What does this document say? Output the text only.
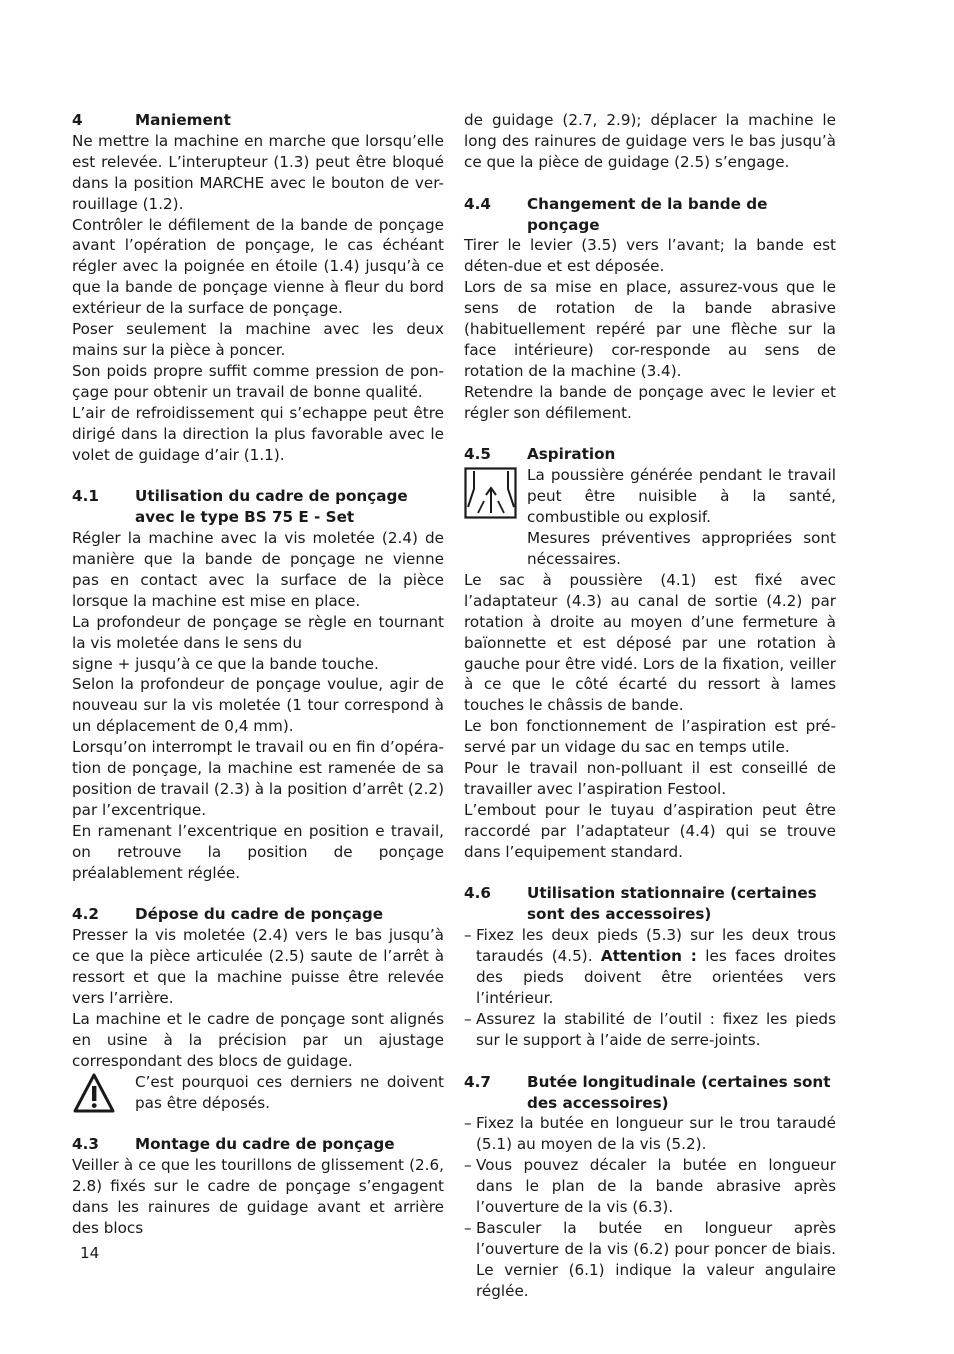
4	Maniement

Ne mettre la machine en marche que lorsqu’elle est relevée. L’interupteur (1.3) peut être bloqué dans la position MARCHE avec le bouton de ver-rouillage (1.2).

Contrôler le défilement de la bande de ponçage avant l’opération de ponçage, le cas échéant régler avec la poignée en étoile (1.4) jusqu’à ce que la bande de ponçage vienne à fleur du bord extérieur de la surface de ponçage.

Poser seulement la machine avec les deux mains sur la pièce à poncer.

Son poids propre suffit comme pression de pon-çage pour obtenir un travail de bonne qualité.

L’air de refroidissement qui s’echappe peut être dirigé dans la direction la plus favorable avec le volet de guidage d’air (1.1).

4.1	Utilisation du cadre de ponçage avec le type BS 75 E - Set

Régler la machine avec la vis moletée (2.4) de manière que la bande de ponçage ne vienne pas en contact avec la surface de la pièce lorsque la machine est mise en place.

La profondeur de ponçage se règle en tournant la vis moletée dans le sens du

signe + jusqu’à ce que la bande touche.

Selon la profondeur de ponçage voulue, agir de nouveau sur la vis moletée (1 tour correspond à un déplacement de 0,4 mm).

Lorsqu’on interrompt le travail ou en fin d’opéra-tion de ponçage, la machine est ramenée de sa position de travail (2.3) à la position d’arrêt (2.2) par l’excentrique.

En ramenant l’excentrique en position e travail, on retrouve la position de ponçage préalablement réglée.

4.2	Dépose du cadre de ponçage

Presser la vis moletée (2.4) vers le bas jusqu’à ce que la pièce articulée (2.5) saute de l’arrêt à ressort et que la machine puisse être relevée vers l’arrière.

La machine et le cadre de ponçage sont alignés en usine à la précision par un ajustage correspondant des blocs de guidage.

C’est pourquoi ces derniers ne doivent pas être déposés.

4.3	Montage du cadre de ponçage

Veiller à ce que les tourillons de glissement (2.6, 2.8) fixés sur le cadre de ponçage s’engagent dans les rainures de guidage avant et arrière des blocs

de guidage (2.7, 2.9); déplacer la machine le long des rainures de guidage vers le bas jusqu’à ce que la pièce de guidage (2.5) s’engage.

4.4	Changement de la bande de ponçage

Tirer le levier (3.5) vers l’avant; la bande est déten-due et est déposée.

Lors de sa mise en place, assurez-vous que le sens de rotation de la bande abrasive (habituellement repéré par une flèche sur la face intérieure) cor-responde au sens de rotation de la machine (3.4).

Retendre la bande de ponçage avec le levier et régler son défilement.

4.5	Aspiration

La poussière générée pendant le travail peut être nuisible à la santé, combustible ou explosif.

Mesures préventives appropriées sont nécessaires.

Le sac à poussière (4.1) est fixé avec l’adaptateur (4.3) au canal de sortie (4.2) par rotation à droite au moyen d’une fermeture à baïonnette et est déposé par une rotation à gauche pour être vidé. Lors de la fixation, veiller à ce que le côté écarté du ressort à lames touches le châssis de bande.

Le bon fonctionnement de l’aspiration est pré-servé par un vidage du sac en temps utile.

Pour le travail non-polluant il est conseillé de travailler avec l’aspiration Festool.

L’embout pour le tuyau d’aspiration peut être raccordé par l’adaptateur (4.4) qui se trouve dans l’equipement standard.

4.6	Utilisation stationnaire (certaines sont des accessoires)
– Fixez les deux pieds (5.3) sur les deux trous taraudés (4.5). Attention : les faces droites des pieds doivent être orientées vers l’intérieur.
– Assurez la stabilité de l’outil : fixez les pieds sur le support à l’aide de serre-joints.
4.7	Butée longitudinale (certaines sont des accessoires)
– Fixez la butée en longueur sur le trou taraudé (5.1) au moyen de la vis (5.2).
– Vous pouvez décaler la butée en longueur dans le plan de la bande abrasive après l’ouverture de la vis (6.3).
– Basculer la butée en longueur après l’ouverture de la vis (6.2) pour poncer de biais. Le vernier (6.1) indique la valeur angulaire réglée.
14
